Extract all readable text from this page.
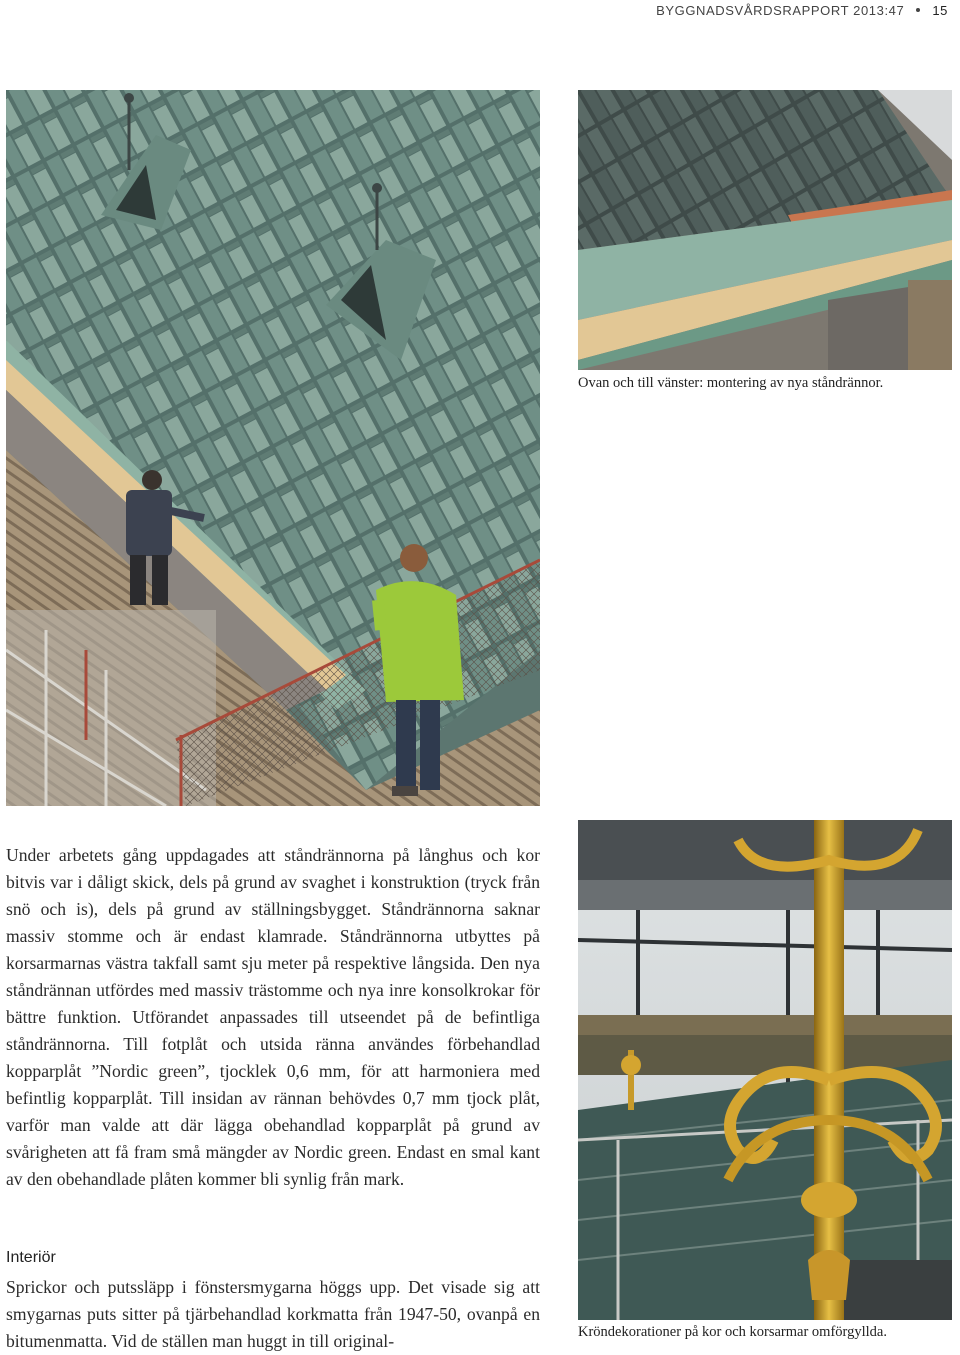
BYGGNADSVÅRDSRAPPORT 2013:47 15
Ovan och till vänster: montering av nya ståndrännor.
Kröndekorationer på kor och korsarmar omförgyllda.

Under arbetets gång uppdagades att ståndrännorna på långhus och kor bitvis var i dåligt skick, dels på grund av svaghet i konstruktion (tryck från snö och is), dels på grund av ställningsbygget. Ståndrännorna saknar massiv stomme och är endast klamrade. Ståndrännorna utbyttes på korsarmarnas västra takfall samt sju meter på respektive långsida. Den nya ståndrännan utfördes med massiv trästomme och nya inre konsolkrokar för bättre funktion. Utförandet anpassades till utseendet på de befintliga ståndrännorna. Till fotplåt och utsida ränna användes förbehandlad kopparplåt ”Nordic green”, tjocklek 0,6 mm, för att harmoniera med befintlig kopparplåt. Till insidan av rännan behövdes 0,7 mm tjock plåt, varför man valde att där lägga obehandlad kopparplåt på grund av svårigheten att få fram små mängder av Nordic green. Endast en smal kant av den obehandlade plåten kommer bli synlig från mark.

Interiör

Sprickor och putssläpp i fönstersmygarna höggs upp. Det visade sig att smygarnas puts sitter på tjärbehandlad korkmatta från 1947-50, ovanpå en bitumenmatta. Vid de ställen man huggt in till original-
